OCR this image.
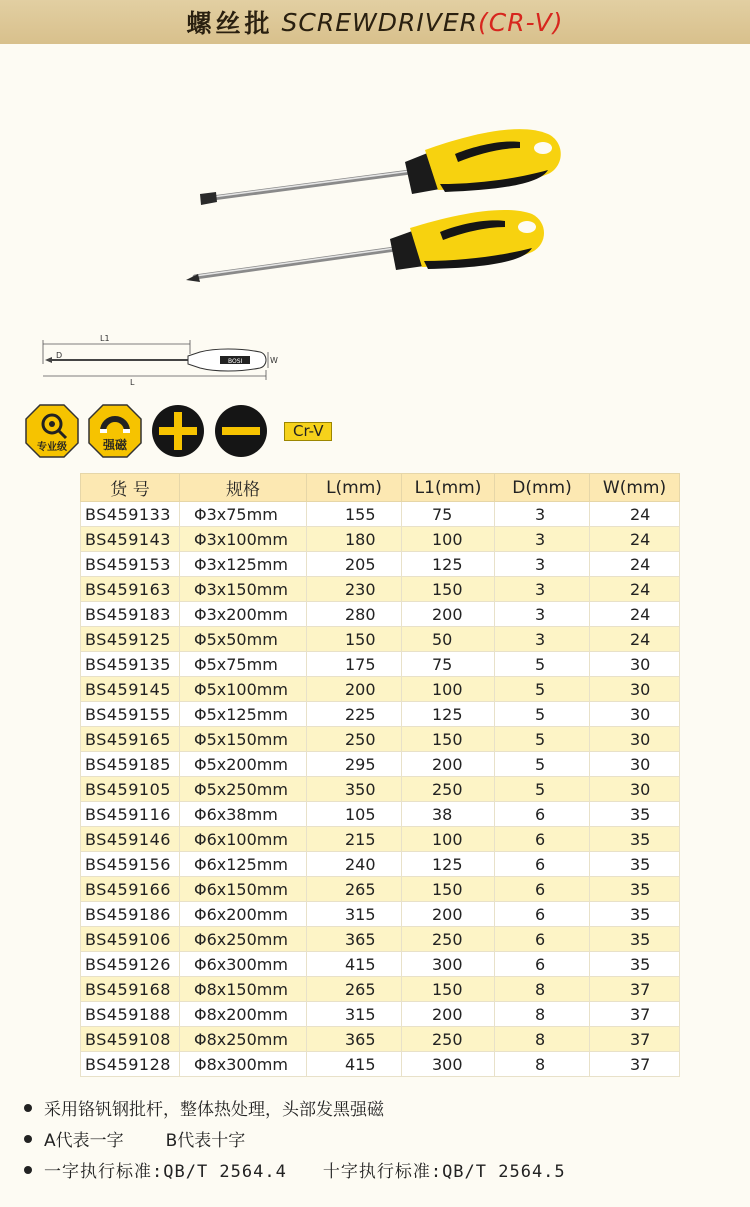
螺丝批 SCREWDRIVER (CR-V)
L1
D
BOSI	W
L
专业级	强磁
Cr-V
货 号	规格	L(mm)	L1(mm)	D(mm)	W(mm)
BS459133	Φ3x75mm	155	75	3	24
BS459143	Φ3x100mm	180	100	3	24
BS459153	Φ3x125mm	205	125	3	24
BS459163	Φ3x150mm	230	150	3	24
BS459183	Φ3x200mm	280	200	3	24
BS459125	Φ5x50mm	150	50	3	24
BS459135	Φ5x75mm	175	75	5	30
BS459145	Φ5x100mm	200	100	5	30
BS459155	Φ5x125mm	225	125	5	30
BS459165	Φ5x150mm	250	150	5	30
BS459185	Φ5x200mm	295	200	5	30
BS459105	Φ5x250mm	350	250	5	30
BS459116	Φ6x38mm	105	38	6	35
BS459146	Φ6x100mm	215	100	6	35
BS459156	Φ6x125mm	240	125	6	35
BS459166	Φ6x150mm	265	150	6	35
BS459186	Φ6x200mm	315	200	6	35
BS459106	Φ6x250mm	365	250	6	35
BS459126	Φ6x300mm	415	300	6	35
BS459168	Φ8x150mm	265	150	8	37
BS459188	Φ8x200mm	315	200	8	37
BS459108	Φ8x250mm	365	250	8	37
BS459128	Φ8x300mm	415	300	8	37
采用铬钒钢批杆，整体热处理，头部发黑强磁
A代表一字 B代表十字
一字执行标准:QB/T 2564.4 十字执行标准:QB/T 2564.5
